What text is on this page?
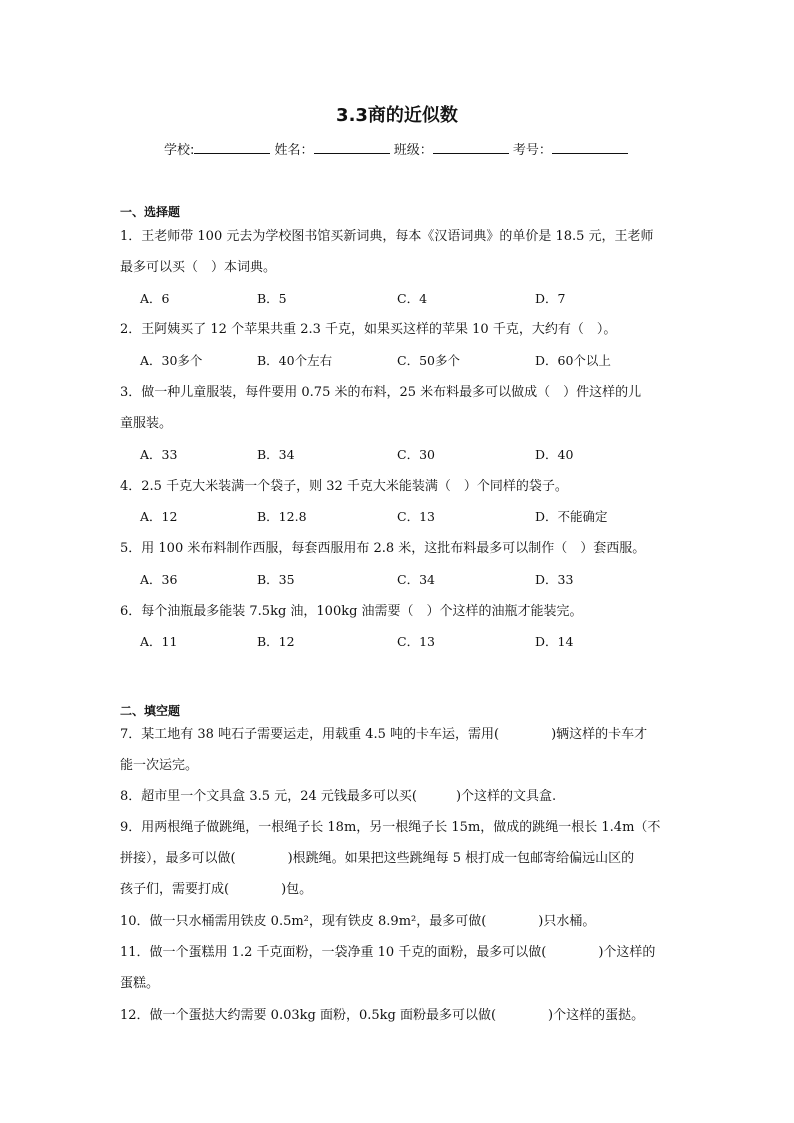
3.3商的近似数
学校:	姓名：	班级：	考号：
一、选择题
1．王老师带 100 元去为学校图书馆买新词典，每本《汉语词典》的单价是 18.5 元，王老师
最多可以买（　）本词典。
A．6	B．5	C．4	D．7
2．王阿姨买了 12 个苹果共重 2.3 千克，如果买这样的苹果 10 千克，大约有（　）。
A．30多个	B．40个左右	C．50多个	D．60个以上
3．做一种儿童服装，每件要用 0.75 米的布料，25 米布料最多可以做成（　）件这样的儿
童服装。
A．33	B．34	C．30	D．40
4．2.5 千克大米装满一个袋子，则 32 千克大米能装满（　）个同样的袋子。
A．12	B．12.8	C．13	D．不能确定
5．用 100 米布料制作西服，每套西服用布 2.8 米，这批布料最多可以制作（　）套西服。
A．36	B．35	C．34	D．33
6．每个油瓶最多能装 7.5kg 油，100kg 油需要（　）个这样的油瓶才能装完。
A．11	B．12	C．13	D．14
二、填空题
7．某工地有 38 吨石子需要运走，用载重 4.5 吨的卡车运，需用(　　　　)辆这样的卡车才
能一次运完。
8．超市里一个文具盒 3.5 元，24 元钱最多可以买(　　　)个这样的文具盒.
9．用两根绳子做跳绳，一根绳子长 18m，另一根绳子长 15m，做成的跳绳一根长 1.4m（不
拼接），最多可以做(　　　　)根跳绳。如果把这些跳绳每 5 根打成一包邮寄给偏远山区的
孩子们，需要打成(　　　　)包。
10．做一只水桶需用铁皮 0.5m²，现有铁皮 8.9m²，最多可做(　　　　)只水桶。
11．做一个蛋糕用 1.2 千克面粉，一袋净重 10 千克的面粉，最多可以做(　　　　)个这样的
蛋糕。
12．做一个蛋挞大约需要 0.03kg 面粉，0.5kg 面粉最多可以做(　　　　)个这样的蛋挞。
